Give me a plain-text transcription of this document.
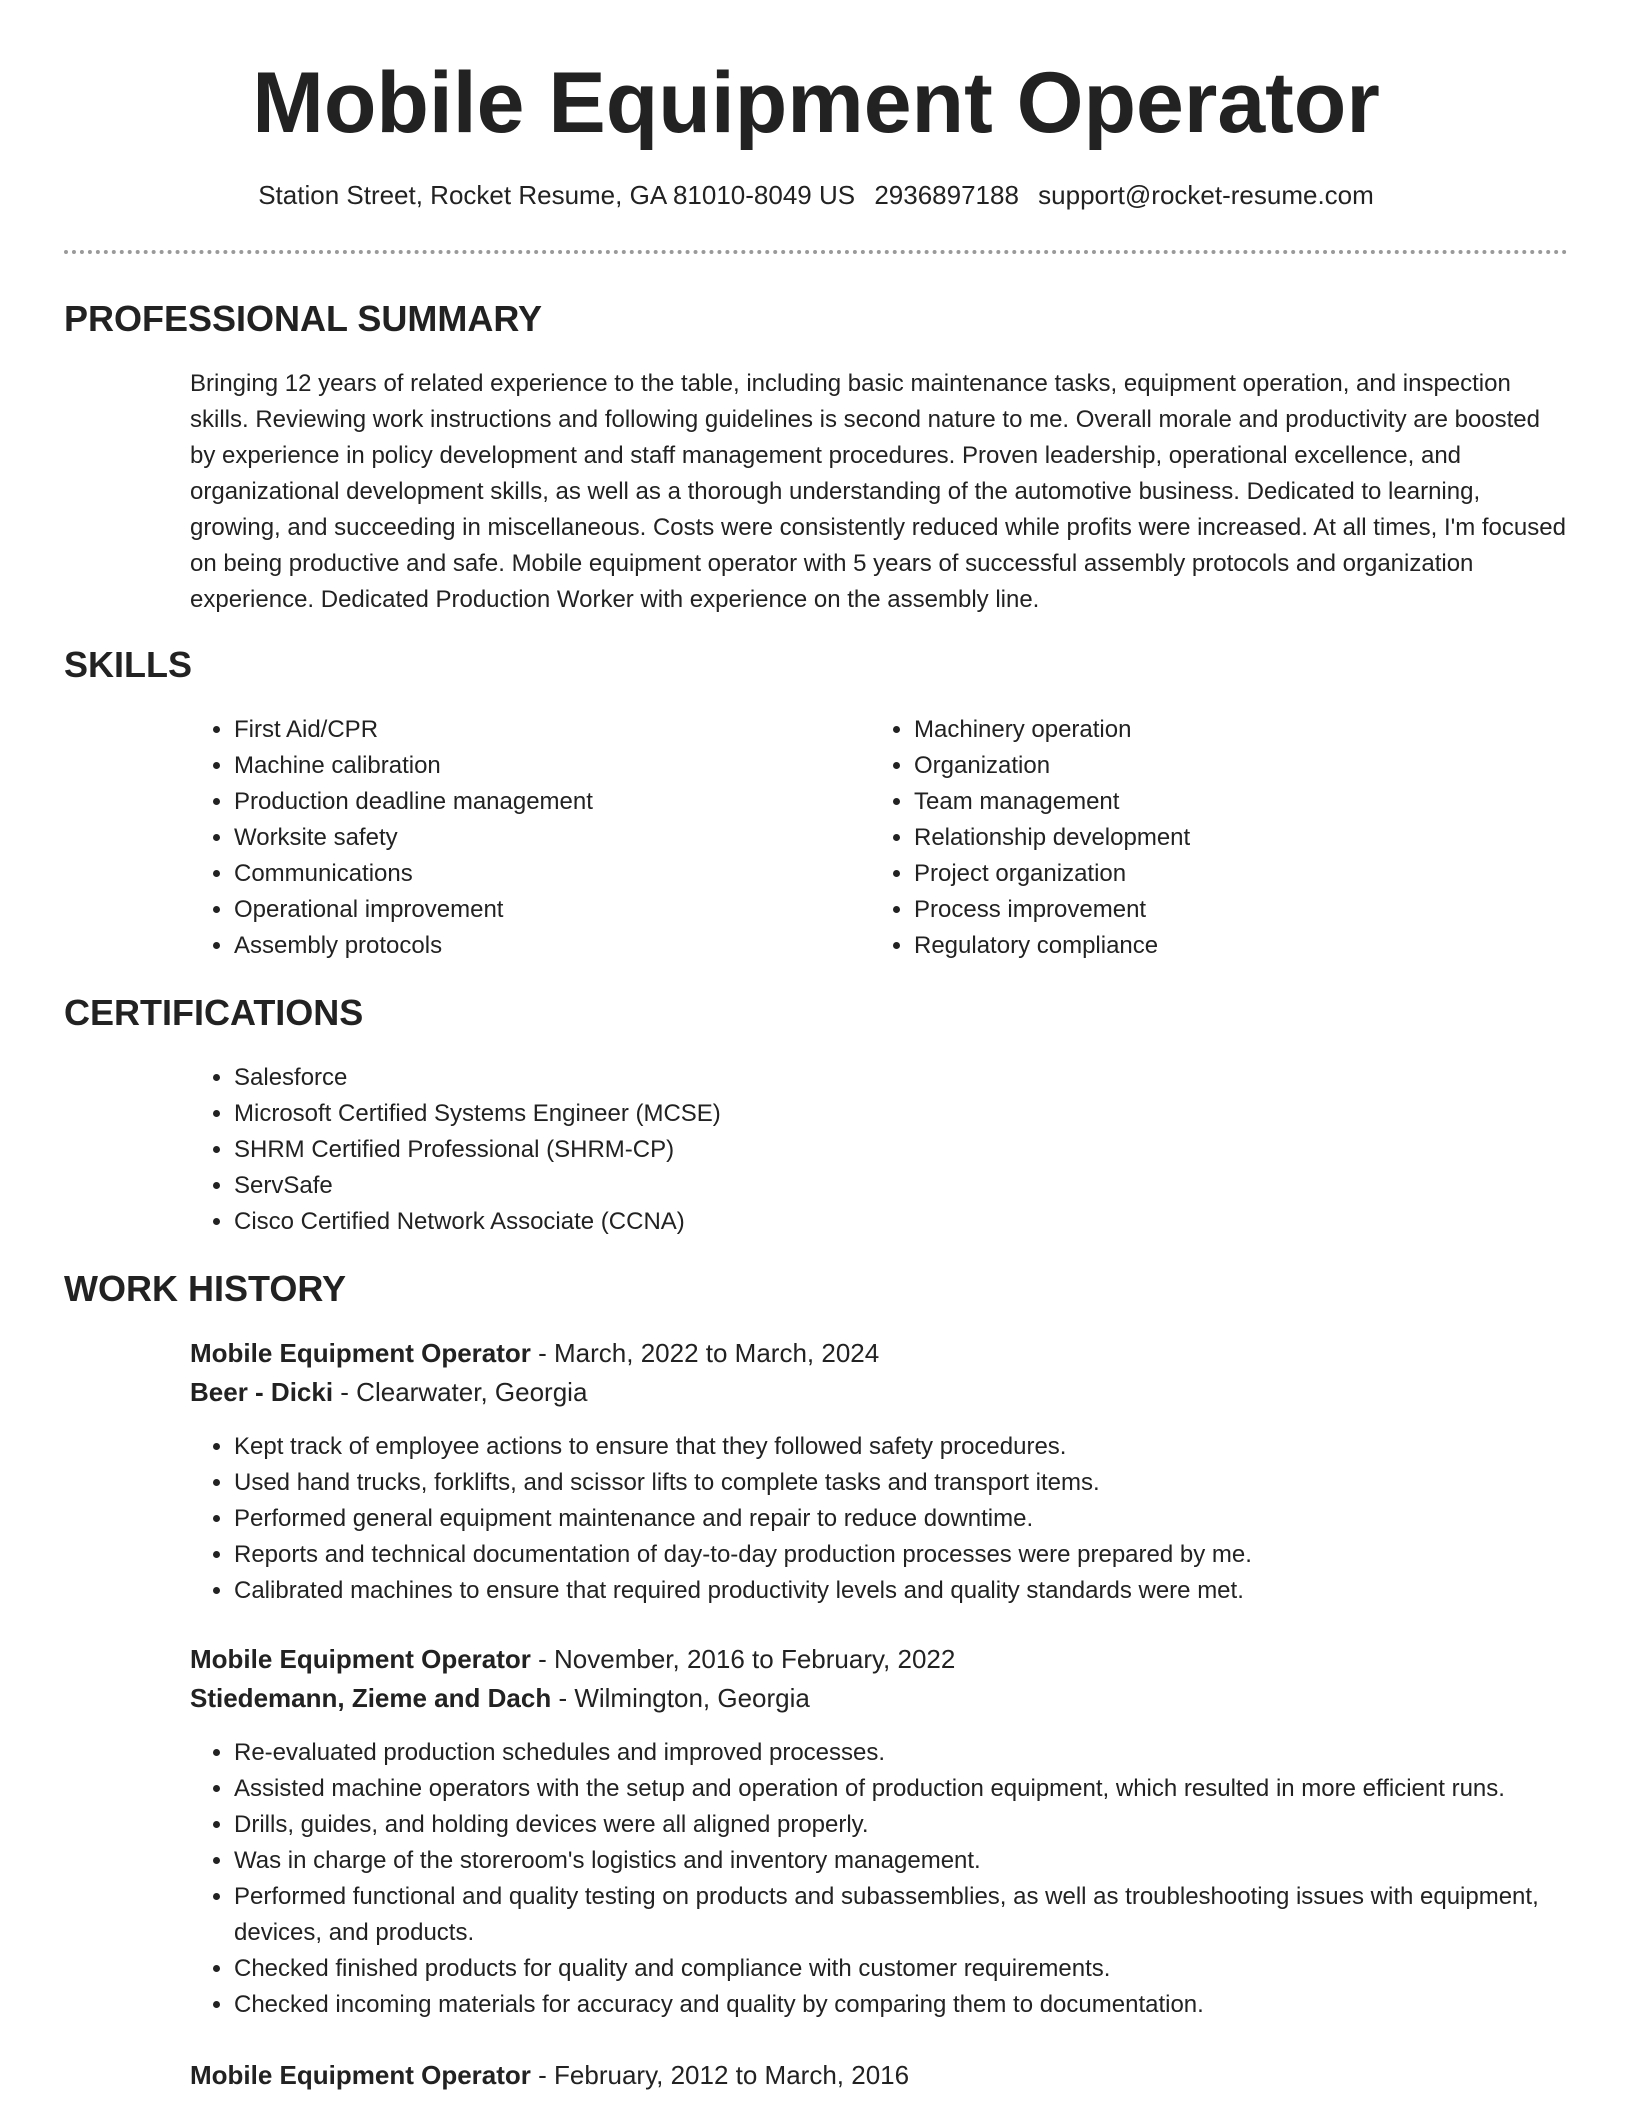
Mobile Equipment Operator
Station Street, Rocket Resume, GA 81010-8049 US 2936897188 support@rocket-resume.com
PROFESSIONAL SUMMARY

Bringing 12 years of related experience to the table, including basic maintenance tasks, equipment operation, and inspection skills. Reviewing work instructions and following guidelines is second nature to me. Overall morale and productivity are boosted by experience in policy development and staff management procedures. Proven leadership, operational excellence, and organizational development skills, as well as a thorough understanding of the automotive business. Dedicated to learning, growing, and succeeding in miscellaneous. Costs were consistently reduced while profits were increased. At all times, I'm focused on being productive and safe. Mobile equipment operator with 5 years of successful assembly protocols and organization experience. Dedicated Production Worker with experience on the assembly line.

SKILLS
• First Aid/CPR
• Machine calibration
• Production deadline management
• Worksite safety
• Communications
• Operational improvement
• Assembly protocols
• Machinery operation
• Organization
• Team management
• Relationship development
• Project organization
• Process improvement
• Regulatory compliance
CERTIFICATIONS
• Salesforce
• Microsoft Certified Systems Engineer (MCSE)
• SHRM Certified Professional (SHRM-CP)
• ServSafe
• Cisco Certified Network Associate (CCNA)
WORK HISTORY
Mobile Equipment Operator - March, 2022 to March, 2024
Beer - Dicki - Clearwater, Georgia
• Kept track of employee actions to ensure that they followed safety procedures.
• Used hand trucks, forklifts, and scissor lifts to complete tasks and transport items.
• Performed general equipment maintenance and repair to reduce downtime.
• Reports and technical documentation of day-to-day production processes were prepared by me.
• Calibrated machines to ensure that required productivity levels and quality standards were met.
Mobile Equipment Operator - November, 2016 to February, 2022
Stiedemann, Zieme and Dach - Wilmington, Georgia
• Re-evaluated production schedules and improved processes.
• Assisted machine operators with the setup and operation of production equipment, which resulted in more efficient runs.
• Drills, guides, and holding devices were all aligned properly.
• Was in charge of the storeroom's logistics and inventory management.
• Performed functional and quality testing on products and subassemblies, as well as troubleshooting issues with equipment, devices, and products.
• Checked finished products for quality and compliance with customer requirements.
• Checked incoming materials for accuracy and quality by comparing them to documentation.
Mobile Equipment Operator - February, 2012 to March, 2016
